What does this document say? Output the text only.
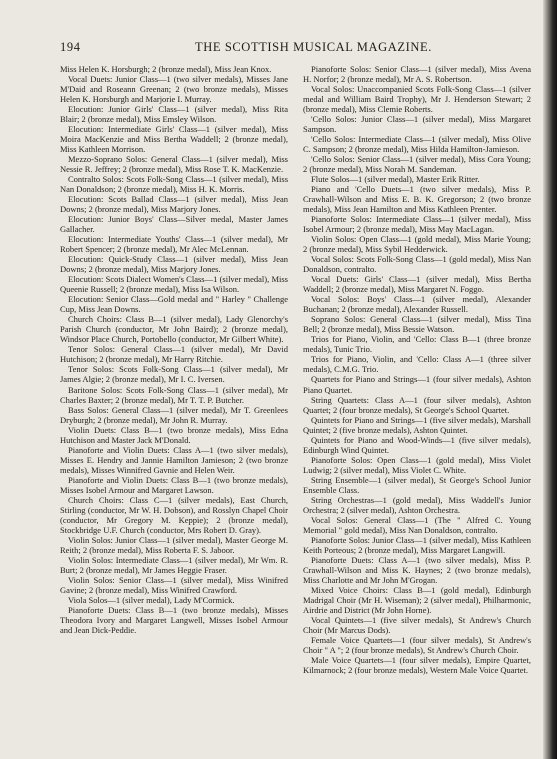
194	THE SCOTTISH MUSICAL MAGAZINE.

Miss Helen K. Horsburgh; 2 (bronze medal), Miss Jean Knox.

Vocal Duets: Junior Class—1 (two silver medals), Misses Jane M'Daid and Roseann Greenan; 2 (two bronze medals), Misses Helen K. Horsburgh and Marjorie I. Murray.

Elocution: Junior Girls' Class—1 (silver medal), Miss Rita Blair; 2 (bronze medal), Miss Emsley Wilson.

Elocution: Intermediate Girls' Class—1 (silver medal), Miss Moira MacKenzie and Miss Bertha Waddell; 2 (bronze medal), Miss Kathleen Morrison.

Mezzo-Soprano Solos: General Class—1 (silver medal), Miss Nessie R. Jeffrey; 2 (bronze medal), Miss Rose T. K. MacKenzie.

Contralto Solos: Scots Folk-Song Class—1 (silver medal), Miss Nan Donaldson; 2 (bronze medal), Miss H. K. Morris.

Elocution: Scots Ballad Class—1 (silver medal), Miss Jean Downs; 2 (bronze medal), Miss Marjory Jones.

Elocution: Junior Boys' Class—Silver medal, Master James Gallacher.

Elocution: Intermediate Youths' Class—1 (silver medal), Mr Robert Spencer; 2 (bronze medal), Mr Alec McLennan.

Elocution: Quick-Study Class—1 (silver medal), Miss Jean Downs; 2 (bronze medal), Miss Marjory Jones.

Elocution: Scots Dialect Women's Class—1 (silver medal), Miss Queenie Russell; 2 (bronze medal), Miss Isa Wilson.

Elocution: Senior Class—Gold medal and " Harley " Challenge Cup, Miss Jean Downs.

Church Choirs: Class B—1 (silver medal), Lady Glenorchy's Parish Church (conductor, Mr John Baird); 2 (bronze medal), Windsor Place Church, Portobello (conductor, Mr Gilbert White).

Tenor Solos: General Class—1 (silver medal), Mr David Hutchison; 2 (bronze medal), Mr Harry Ritchie.

Tenor Solos: Scots Folk-Song Class—1 (silver medal), Mr James Algie; 2 (bronze medal), Mr I. C. Iversen.

Baritone Solos: Scots Folk-Song Class—1 (silver medal), Mr Charles Baxter; 2 (bronze medal), Mr T. T. P. Butcher.

Bass Solos: General Class—1 (silver medal), Mr T. Greenlees Dryburgh; 2 (bronze medal), Mr John R. Murray.

Violin Duets: Class B—1 (two bronze medals), Miss Edna Hutchison and Master Jack M'Donald.

Pianoforte and Violin Duets: Class A—1 (two silver medals), Misses E. Hendry and Jannie Hamilton Jamieson; 2 (two bronze medals), Misses Winnifred Gavnie and Helen Weir.

Pianoforte and Violin Duets: Class B—1 (two bronze medals), Misses Isobel Armour and Margaret Lawson.

Church Choirs: Class C—1 (silver medals), East Church, Stirling (conductor, Mr W. H. Dobson), and Rosslyn Chapel Choir (conductor, Mr Gregory M. Keppie); 2 (bronze medal), Stockbridge U.F. Church (conductor, Mrs Robert D. Gray).

Violin Solos: Junior Class—1 (silver medal), Master George M. Reith; 2 (bronze medal), Miss Roberta F. S. Jaboor.

Violin Solos: Intermediate Class—1 (silver medal), Mr Wm. R. Burt; 2 (bronze medal), Mr James Heggie Fraser.

Violin Solos: Senior Class—1 (silver medal), Miss Winifred Gavine; 2 (bronze medal), Miss Winifred Crawford.

Viola Solos—1 (silver medal), Lady M'Cormick.

Pianoforte Duets: Class B—1 (two bronze medals), Misses Theodora Ivory and Margaret Langwell, Misses Isobel Armour and Jean Dick-Peddie.

Pianoforte Solos: Senior Class—1 (silver medal), Miss Avena H. Norfor; 2 (bronze medal), Mr A. S. Robertson.

Vocal Solos: Unaccompanied Scots Folk-Song Class—1 (silver medal and William Baird Trophy), Mr J. Henderson Stewart; 2 (bronze medal), Miss Clemie Roberts.

'Cello Solos: Junior Class—1 (silver medal), Miss Margaret Sampson.

'Cello Solos: Intermediate Class—1 (silver medal), Miss Olive C. Sampson; 2 (bronze medal), Miss Hilda Hamilton-Jamieson.

'Cello Solos: Senior Class—1 (silver medal), Miss Cora Young; 2 (bronze medal), Miss Norah M. Sandeman.

Flute Solos—1 (silver medal), Master Erik Ritter.

Piano and 'Cello Duets—1 (two silver medals), Miss P. Crawhall-Wilson and Miss E. B. K. Gregorson; 2 (two bronze medals), Miss Jean Hamilton and Miss Kathleen Prenter.

Pianoforte Solos: Intermediate Class—1 (silver medal), Miss Isobel Armour; 2 (bronze medal), Miss May MacLagan.

Violin Solos: Open Class—1 (gold medal), Miss Marie Young; 2 (bronze medal), Miss Sybil Hedderwick.

Vocal Solos: Scots Folk-Song Class—1 (gold medal), Miss Nan Donaldson, contralto.

Vocal Duets: Girls' Class—1 (silver medal), Miss Bertha Waddell; 2 (bronze medal), Miss Margaret N. Foggo.

Vocal Solos: Boys' Class—1 (silver medal), Alexander Buchanan; 2 (bronze medal), Alexander Russell.

Soprano Solos: General Class—1 (silver medal), Miss Tina Bell; 2 (bronze medal), Miss Bessie Watson.

Trios for Piano, Violin, and 'Cello: Class B—1 (three bronze medals), Tunic Trio.

Trios for Piano, Violin, and 'Cello: Class A—1 (three silver medals), C.M.G. Trio.

Quartets for Piano and Strings—1 (four silver medals), Ashton Piano Quartet.

String Quartets: Class A—1 (four silver medals), Ashton Quartet; 2 (four bronze medals), St George's School Quartet.

Quintets for Piano and Strings—1 (five silver medals), Marshall Quintet; 2 (five bronze medals), Ashton Quintet.

Quintets for Piano and Wood-Winds—1 (five silver medals), Edinburgh Wind Quintet.

Pianoforte Solos: Open Class—1 (gold medal), Miss Violet Ludwig; 2 (silver medal), Miss Violet C. White.

String Ensemble—1 (silver medal), St George's School Junior Ensemble Class.

String Orchestras—1 (gold medal), Miss Waddell's Junior Orchestra; 2 (silver medal), Ashton Orchestra.

Vocal Solos: General Class—1 (The " Alfred C. Young Memorial " gold medal), Miss Nan Donaldson, contralto.

Pianoforte Solos: Junior Class—1 (silver medal), Miss Kathleen Keith Porteous; 2 (bronze medal), Miss Margaret Langwill.

Pianoforte Duets: Class A—1 (two silver medals), Miss P. Crawhall-Wilson and Miss K. Haynes; 2 (two bronze medals), Miss Charlotte and Mr John M'Grogan.

Mixed Voice Choirs: Class B—1 (gold medal), Edinburgh Madrigal Choir (Mr H. Wiseman); 2 (silver medal), Philharmonic, Airdrie and District (Mr John Horne).

Vocal Quintets—1 (five silver medals), St Andrew's Church Choir (Mr Marcus Dods).

Female Voice Quartets—1 (four silver medals), St Andrew's Choir " A "; 2 (four bronze medals), St Andrew's Church Choir.

Male Voice Quartets—1 (four silver medals), Empire Quartet, Kilmarnock; 2 (four bronze medals), Western Male Voice Quartet.
